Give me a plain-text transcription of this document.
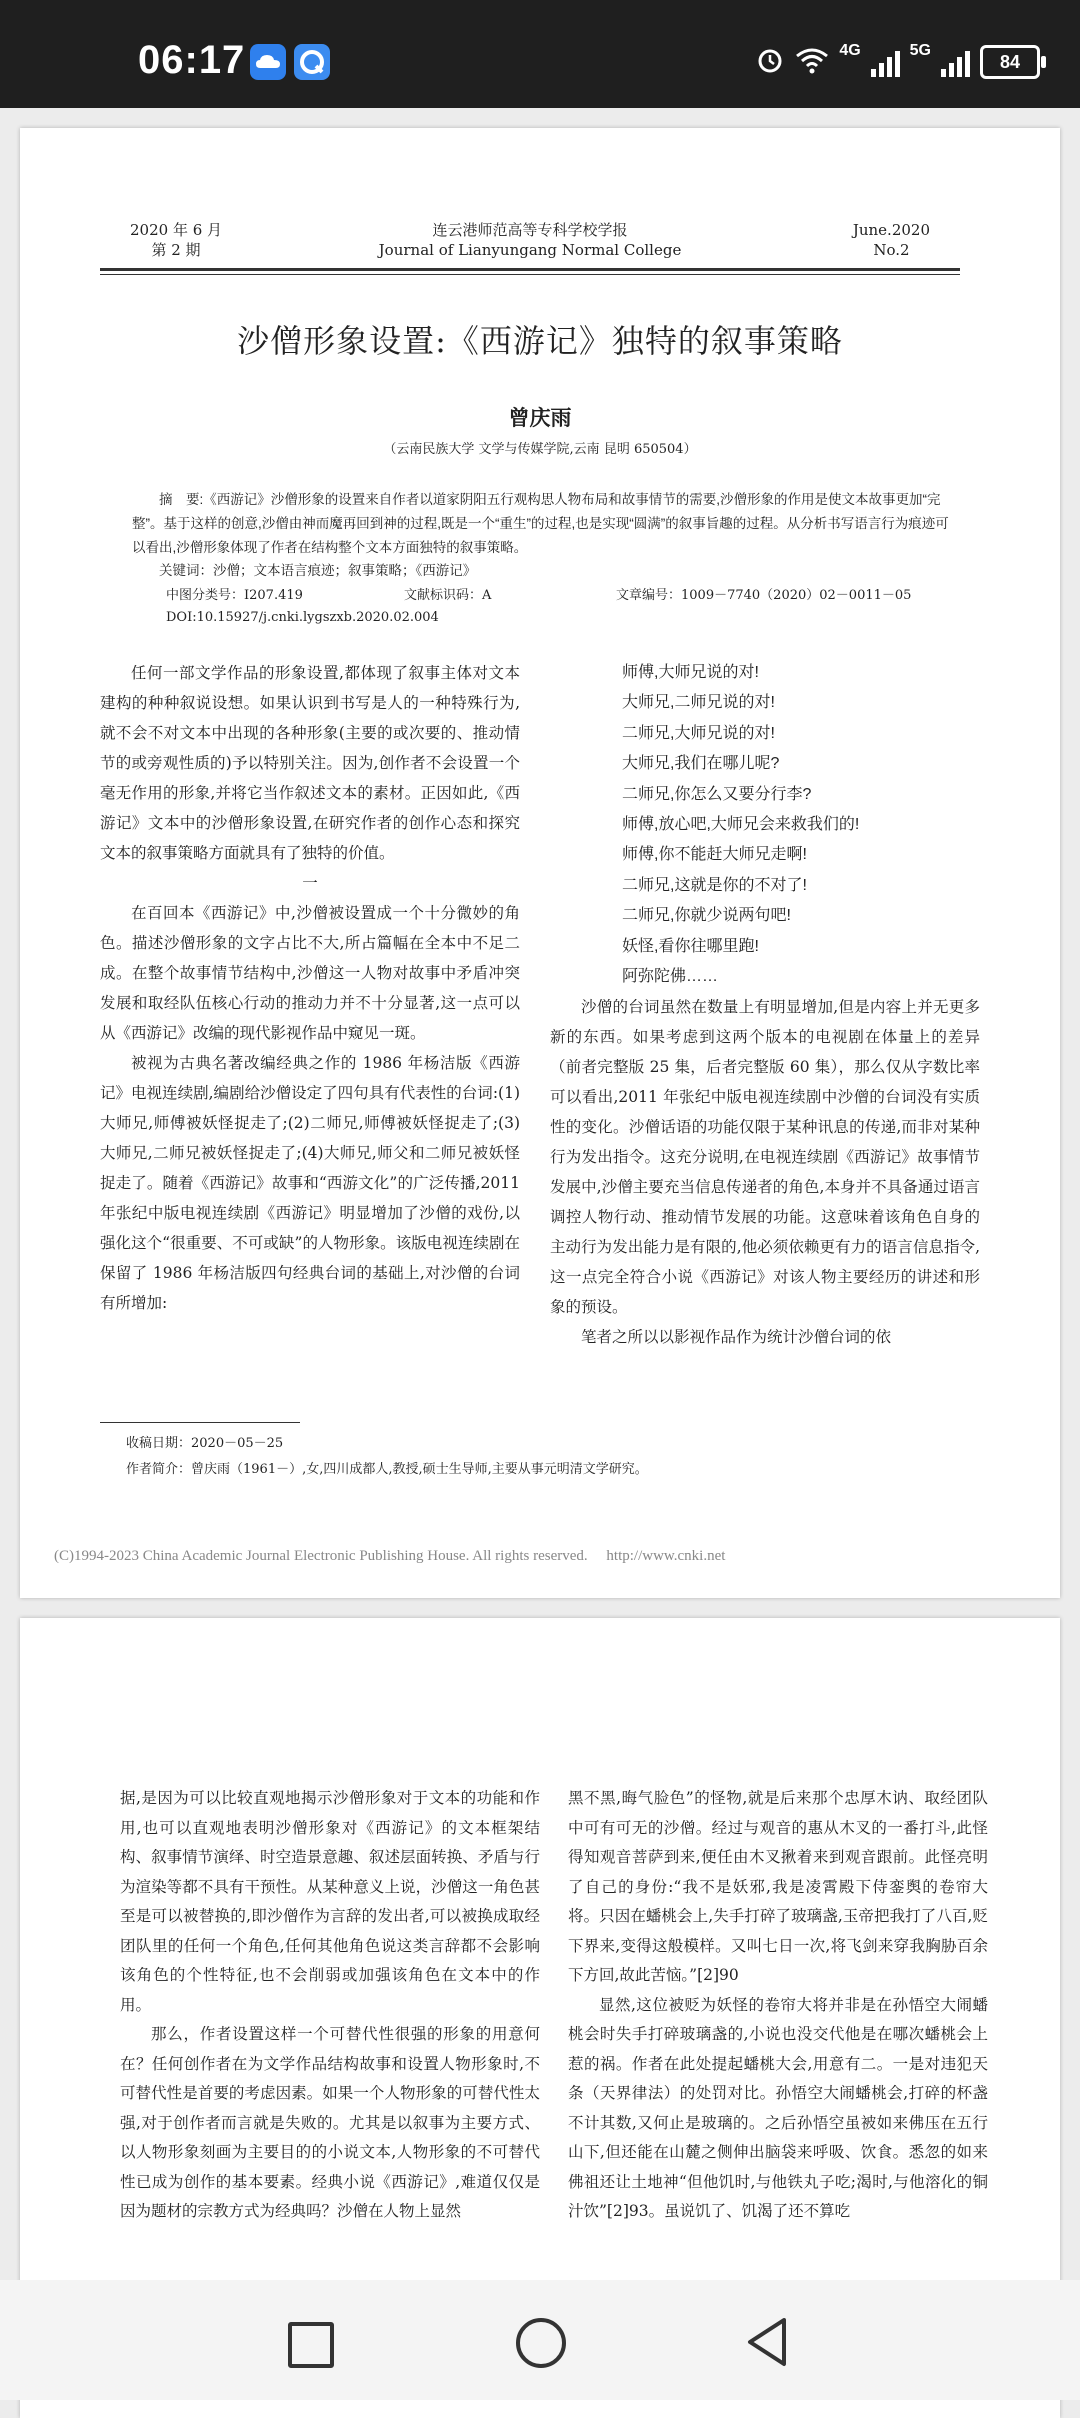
06:17	4G	5G
84
2020 年 6 月
第 2 期
连云港师范高等专科学校学报
Journal of Lianyungang Normal College
June.2020
No.2
沙僧形象设置:《西游记》独特的叙事策略
曾庆雨
（云南民族大学 文学与传媒学院,云南 昆明 650504）
摘　要:《西游记》沙僧形象的设置来自作者以道家阴阳五行观构思人物布局和故事情节的需要,沙僧形象的作用是使文本故事更加“完整”。基于这样的创意,沙僧由神而魔再回到神的过程,既是一个“重生”的过程,也是实现“圆满”的叙事旨趣的过程。从分析书写语言行为痕迹可以看出,沙僧形象体现了作者在结构整个文本方面独特的叙事策略。
关键词：沙僧；文本语言痕迹；叙事策略；《西游记》
中图分类号：I207.419	文献标识码：A	文章编号：1009－7740（2020）02－0011－05
DOI:10.15927/j.cnki.lygszxb.2020.02.004

任何一部文学作品的形象设置,都体现了叙事主体对文本建构的种种叙说设想。如果认识到书写是人的一种特殊行为,就不会不对文本中出现的各种形象(主要的或次要的、推动情节的或旁观性质的)予以特别关注。因为,创作者不会设置一个毫无作用的形象,并将它当作叙述文本的素材。正因如此,《西游记》文本中的沙僧形象设置,在研究作者的创作心态和探究文本的叙事策略方面就具有了独特的价值。

一

在百回本《西游记》中,沙僧被设置成一个十分微妙的角色。描述沙僧形象的文字占比不大,所占篇幅在全本中不足二成。在整个故事情节结构中,沙僧这一人物对故事中矛盾冲突发展和取经队伍核心行动的推动力并不十分显著,这一点可以从《西游记》改编的现代影视作品中窥见一斑。

被视为古典名著改编经典之作的 1986 年杨洁版《西游记》电视连续剧,编剧给沙僧设定了四句具有代表性的台词:(1)大师兄,师傅被妖怪捉走了;(2)二师兄,师傅被妖怪捉走了;(3)大师兄,二师兄被妖怪捉走了;(4)大师兄,师父和二师兄被妖怪捉走了。随着《西游记》故事和“西游文化”的广泛传播,2011 年张纪中版电视连续剧《西游记》明显增加了沙僧的戏份,以强化这个“很重要、不可或缺”的人物形象。该版电视连续剧在保留了 1986 年杨洁版四句经典台词的基础上,对沙僧的台词有所增加:

师傅,大师兄说的对!
大师兄,二师兄说的对!
二师兄,大师兄说的对!
大师兄,我们在哪儿呢?
二师兄,你怎么又要分行李?
师傅,放心吧,大师兄会来救我们的!
师傅,你不能赶大师兄走啊!
二师兄,这就是你的不对了!
二师兄,你就少说两句吧!
妖怪,看你往哪里跑!
阿弥陀佛……

沙僧的台词虽然在数量上有明显增加,但是内容上并无更多新的东西。如果考虑到这两个版本的电视剧在体量上的差异（前者完整版 25 集，后者完整版 60 集），那么仅从字数比率可以看出,2011 年张纪中版电视连续剧中沙僧的台词没有实质性的变化。沙僧话语的功能仅限于某种讯息的传递,而非对某种行为发出指令。这充分说明,在电视连续剧《西游记》故事情节发展中,沙僧主要充当信息传递者的角色,本身并不具备通过语言调控人物行动、推动情节发展的功能。这意味着该角色自身的主动行为发出能力是有限的,他必须依赖更有力的语言信息指令,这一点完全符合小说《西游记》对该人物主要经历的讲述和形象的预设。

笔者之所以以影视作品作为统计沙僧台词的依

收稿日期：2020－05－25
作者简介：曾庆雨（1961－）,女,四川成都人,教授,硕士生导师,主要从事元明清文学研究。
(C)1994-2023 China Academic Journal Electronic Publishing House. All rights reserved.　 http://www.cnki.net

据,是因为可以比较直观地揭示沙僧形象对于文本的功能和作用,也可以直观地表明沙僧形象对《西游记》的文本框架结构、叙事情节演绎、时空造景意趣、叙述层面转换、矛盾与行为渲染等都不具有干预性。从某种意义上说，沙僧这一角色甚至是可以被替换的,即沙僧作为言辞的发出者,可以被换成取经团队里的任何一个角色,任何其他角色说这类言辞都不会影响该角色的个性特征,也不会削弱或加强该角色在文本中的作用。

那么，作者设置这样一个可替代性很强的形象的用意何在？任何创作者在为文学作品结构故事和设置人物形象时,不可替代性是首要的考虑因素。如果一个人物形象的可替代性太强,对于创作者而言就是失败的。尤其是以叙事为主要方式、以人物形象刻画为主要目的的小说文本,人物形象的不可替代性已成为创作的基本要素。经典小说《西游记》,难道仅仅是因为题材的宗教方式为经典吗？沙僧在人物上显然

黑不黑,晦气脸色”的怪物,就是后来那个忠厚木讷、取经团队中可有可无的沙僧。经过与观音的惠从木叉的一番打斗,此怪得知观音菩萨到来,便任由木叉揪着来到观音跟前。此怪亮明了自己的身份:“我不是妖邪,我是凌霄殿下侍銮舆的卷帘大将。只因在蟠桃会上,失手打碎了玻璃盏,玉帝把我打了八百,贬下界来,变得这般模样。又叫七日一次,将飞剑来穿我胸胁百余下方回,故此苦恼。”[2]90

显然,这位被贬为妖怪的卷帘大将并非是在孙悟空大闹蟠桃会时失手打碎玻璃盏的,小说也没交代他是在哪次蟠桃会上惹的祸。作者在此处提起蟠桃大会,用意有二。一是对违犯天条（天界律法）的处罚对比。孙悟空大闹蟠桃会,打碎的杯盏不计其数,又何止是玻璃的。之后孙悟空虽被如来佛压在五行山下,但还能在山麓之侧伸出脑袋来呼吸、饮食。悉忽的如来佛祖还让土地神“但他饥时,与他铁丸子吃;渴时,与他溶化的铜汁饮”[2]93。虽说饥了、饥渴了还不算吃
